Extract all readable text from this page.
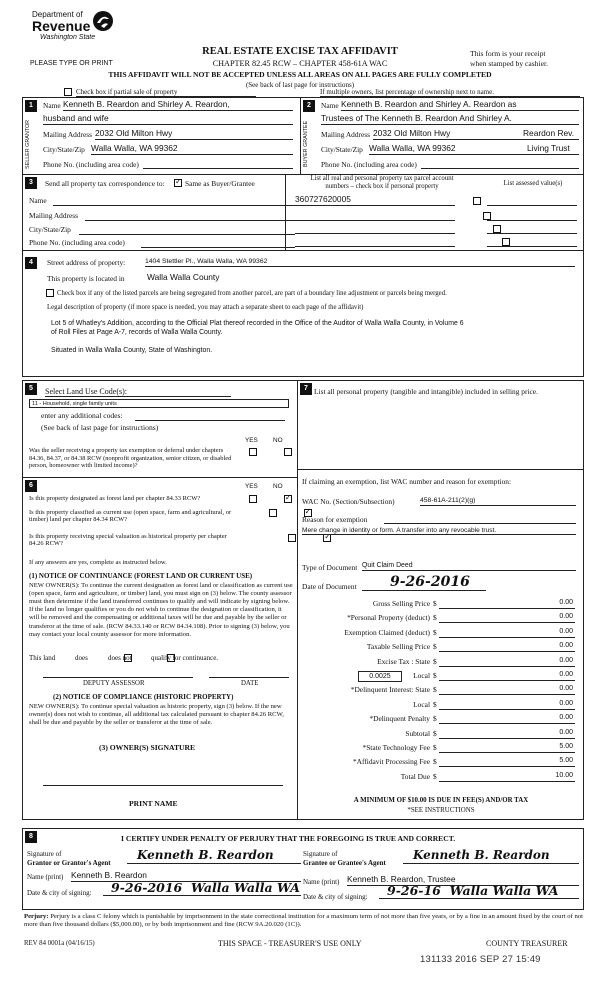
Department of
Revenue
Washington State
PLEASE TYPE OR PRINT
REAL ESTATE EXCISE TAX AFFIDAVIT
CHAPTER 82.45 RCW – CHAPTER 458-61A WAC
This form is your receipt
when stamped by cashier.
THIS AFFIDAVIT WILL NOT BE ACCEPTED UNLESS ALL AREAS ON ALL PAGES ARE FULLY COMPLETED
(See back of last page for instructions)
Check box if partial sale of property	If multiple owners, list percentage of ownership next to name.
1
SELLER GRANTOR
Name Kenneth B. Reardon and Shirley A. Reardon,
husband and wife
Mailing Address 2032 Old Milton Hwy
City/State/Zip Walla Walla, WA 99362
Phone No. (including area code)
2
BUYER GRANTEE
Name Kenneth B. Reardon and Shirley A. Reardon as
Trustees of The Kenneth B. Reardon And Shirley A.
Mailing Address 2032 Old Milton Hwy	Reardon Rev.
City/State/Zip Walla Walla, WA 99362	Living Trust
Phone No. (including area code)
3	Send all property tax correspondence to:
✓	Same as Buyer/Grantee
Name
Mailing Address
City/State/Zip
Phone No. (including area code)
List all real and personal property tax parcel account
numbers – check box if personal property	List assessed value(s)
360727620005

4	Street address of property:	1404 Stettler Pl., Walla Walla, WA 99362
This property is located in	Walla Walla County
Check box if any of the listed parcels are being segregated from another parcel, are part of a boundary line adjustment or parcels being merged.
Legal description of property (if more space is needed, you may attach a separate sheet to each page of the affidavit)
Lot 5 of Whatley's Addition, according to the Official Plat thereof recorded in the Office of the Auditor of Walla Walla County, in Volume 6
of Roll Files at Page A-7, records of Walla Walla County.
Situated in Walla Walla County, State of Washington.
5	Select Land Use Code(s):
11 - Household, single family units
enter any additional codes:
(See back of last page for instructions)
YES NO
Was the seller receiving a property tax exemption or deferral under chapters 84.36, 84.37, or 84.38 RCW (nonprofit organization, senior citizen, or disabled person, homeowner with limited income)?

6	YES NO
Is this property designated as forest land per chapter 84.33 RCW?
✓
Is this property classified as current use (open space, farm and agricultural, or timber) land per chapter 84.34 RCW?
✓
Is this property receiving special valuation as historical property per chapter 84.26 RCW?
✓
If any answers are yes, complete as instructed below.
(1) NOTICE OF CONTINUANCE (FOREST LAND OR CURRENT USE)
NEW OWNER(S): To continue the current designation as forest land or classification as current use (open space, farm and agriculture, or timber) land, you must sign on (3) below. The county assessor must then determine if the land transferred continues to qualify and will indicate by signing below. If the land no longer qualifies or you do not wish to continue the designation or classification, it will be removed and the compensating or additional taxes will be due and payable by the seller or transferor at the time of sale. (RCW 84.33.140 or RCW 84.34.108). Prior to signing (3) below, you may contact your local county assessor for more information.
This land
	does	does not	qualify for continuance.
DEPUTY ASSESSOR	DATE
(2) NOTICE OF COMPLIANCE (HISTORIC PROPERTY)
NEW OWNER(S): To continue special valuation as historic property, sign (3) below. If the new owner(s) does not wish to continue, all additional tax calculated pursuant to chapter 84.26 RCW, shall be due and payable by the seller or transferor at the time of sale.
(3) OWNER(S) SIGNATURE
PRINT NAME
7 List all personal property (tangible and intangible) included in selling price.
If claiming an exemption, list WAC number and reason for exemption:
WAC No. (Section/Subsection)	458-61A-211(2)(g)
Reason for exemption
Mere change in identity or form. A transfer into any revocable trust.
Type of Document Quit Claim Deed
Date of Document	9-26-2016
A MINIMUM OF $10.00 IS DUE IN FEE(S) AND/OR TAX
*SEE INSTRUCTIONS
Gross Selling Price $	0.00
*Personal Property (deduct) $	0.00
Exemption Claimed (deduct) $	0.00
Taxable Selling Price $	0.00
Excise Tax : State $	0.00
Local $	0.00
*Delinquent Interest: State $	0.00
Local $	0.00
*Delinquent Penalty $	0.00
Subtotal $	0.00
*State Technology Fee $	5.00
*Affidavit Processing Fee $	5.00
Total Due $	10.00
0.0025
8	I CERTIFY UNDER PENALTY OF PERJURY THAT THE FOREGOING IS TRUE AND CORRECT.
Signature of
Grantor or Grantor's Agent
Kenneth B. Reardon
Name (print) Kenneth B. Reardon
Date & city of signing:	9-26-2016  Walla Walla WA
Signature of
Grantee or Grantee's Agent
Kenneth B. Reardon
Name (print) Kenneth B. Reardon, Trustee
Date & city of signing:	9-26-16  Walla Walla WA
Perjury: Perjury is a class C felony which is punishable by imprisonment in the state correctional institution for a maximum term of not more than five years, or by a fine in an amount fixed by the court of not more than five thousand dollars ($5,000.00), or by both imprisonment and fine (RCW 9A.20.020 (1C)).
REV 84 0001a (04/16/15)	THIS SPACE - TREASURER'S USE ONLY	COUNTY TREASURER
131133 2016 SEP 27 15:49
